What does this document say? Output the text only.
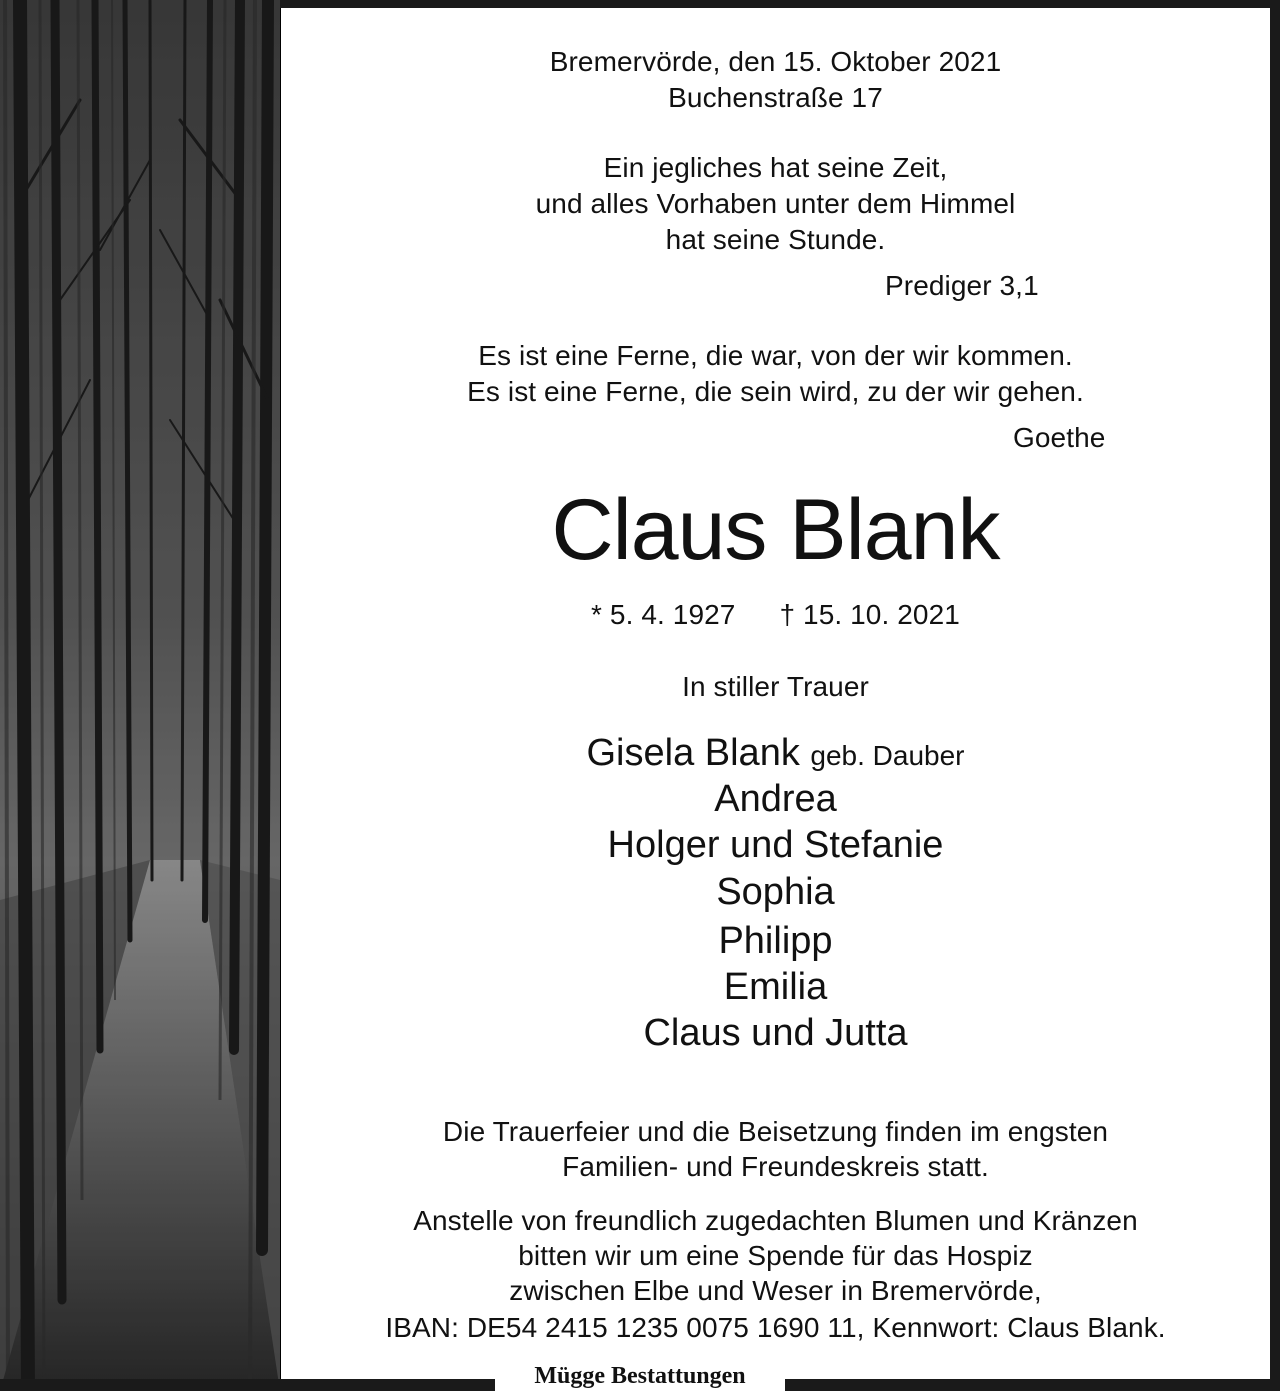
Bremervörde, den 15. Oktober 2021
Buchenstraße 17
Ein jegliches hat seine Zeit,
und alles Vorhaben unter dem Himmel
hat seine Stunde.
Prediger 3,1
Es ist eine Ferne, die war, von der wir kommen.
Es ist eine Ferne, die sein wird, zu der wir gehen.
Goethe
Claus Blank
* 5. 4. 1927 † 15. 10. 2021
In stiller Trauer
Gisela Blank geb. Dauber
Andrea
Holger und Stefanie
Sophia
Philipp
Emilia
Claus und Jutta
Die Trauerfeier und die Beisetzung finden im engsten
Familien- und Freundeskreis statt.
Anstelle von freundlich zugedachten Blumen und Kränzen
bitten wir um eine Spende für das Hospiz
zwischen Elbe und Weser in Bremervörde,
IBAN: DE54 2415 1235 0075 1690 11, Kennwort: Claus Blank.
Mügge Bestattungen
